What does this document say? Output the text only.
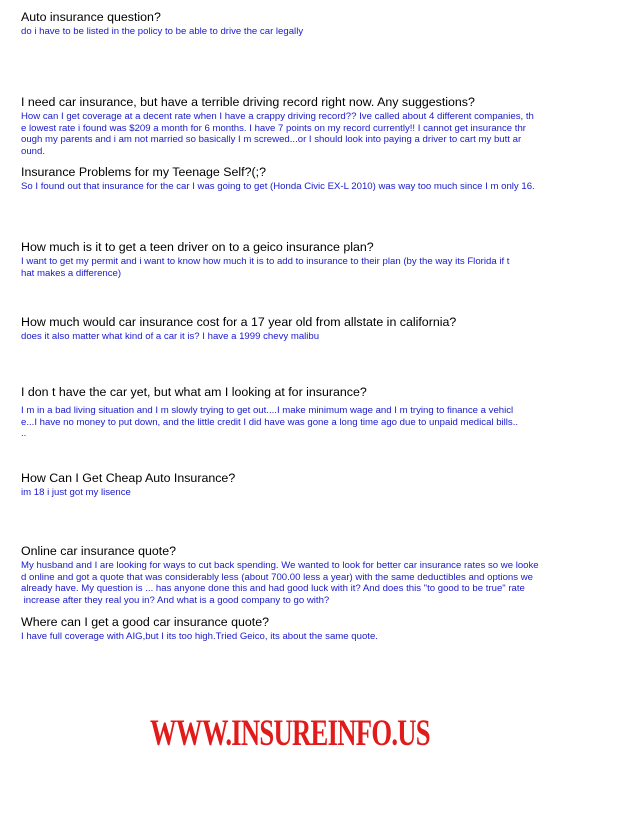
Auto insurance question?
do i have to be listed in the policy to be able to drive the car legally
I need car insurance, but have a terrible driving record right now. Any suggestions?
How can I get coverage at a decent rate when I have a crappy driving record?? Ive called about 4 different companies, th
e lowest rate i found was $209 a month for 6 months. I have 7 points on my record currently!! I cannot get insurance thr
ough my parents and i am not married so basically I m screwed...or I should look into paying a driver to cart my butt ar
ound.
Insurance Problems for my Teenage Self?(;?
So I found out that insurance for the car I was going to get (Honda Civic EX-L 2010) was way too much since I m only 16.
How much is it to get a teen driver on to a geico insurance plan?
I want to get my permit and i want to know how much it is to add to insurance to their plan (by the way its Florida if t
hat makes a difference)
How much would car insurance cost for a 17 year old from allstate in california?
does it also matter what kind of a car it is? I have a 1999 chevy malibu
I don t have the car yet, but what am I looking at for insurance?
I m in a bad living situation and I m slowly trying to get out....I make minimum wage and I m trying to finance a vehicl
e...I have no money to put down, and the little credit I did have was gone a long time ago due to unpaid medical bills..
..
How Can I Get Cheap Auto Insurance?
im 18 i just got my lisence
Online car insurance quote?
My husband and I are looking for ways to cut back spending. We wanted to look for better car insurance rates so we looke
d online and got a quote that was considerably less (about 700.00 less a year) with the same deductibles and options we
already have. My question is ... has anyone done this and had good luck with it? And does this "to good to be true" rate
increase after they real you in? And what is a good company to go with?
Where can I get a good car insurance quote?
I have full coverage with AIG,but I its too high.Tried Geico, its about the same quote.
WWW.INSUREINFO.US
